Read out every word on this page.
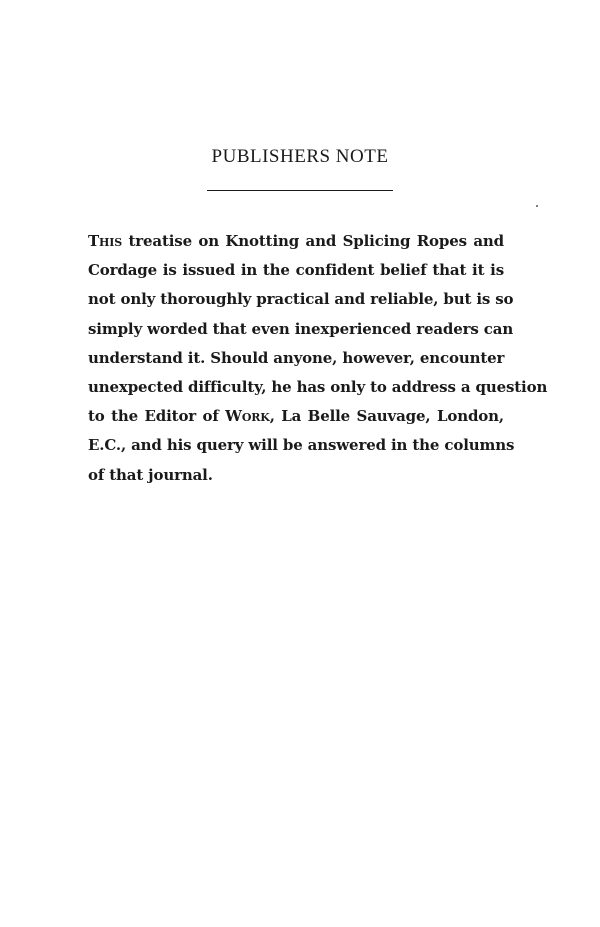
PUBLISHERS NOTE

This treatise on Knotting and Splicing Ropes and
Cordage is issued in the confident belief that it is
not only thoroughly practical and reliable, but is so
simply worded that even inexperienced readers can
understand it. Should anyone, however, encounter
unexpected difficulty, he has only to address a question
to the Editor of Work, La Belle Sauvage, London,
E.C., and his query will be answered in the columns
of that journal.
